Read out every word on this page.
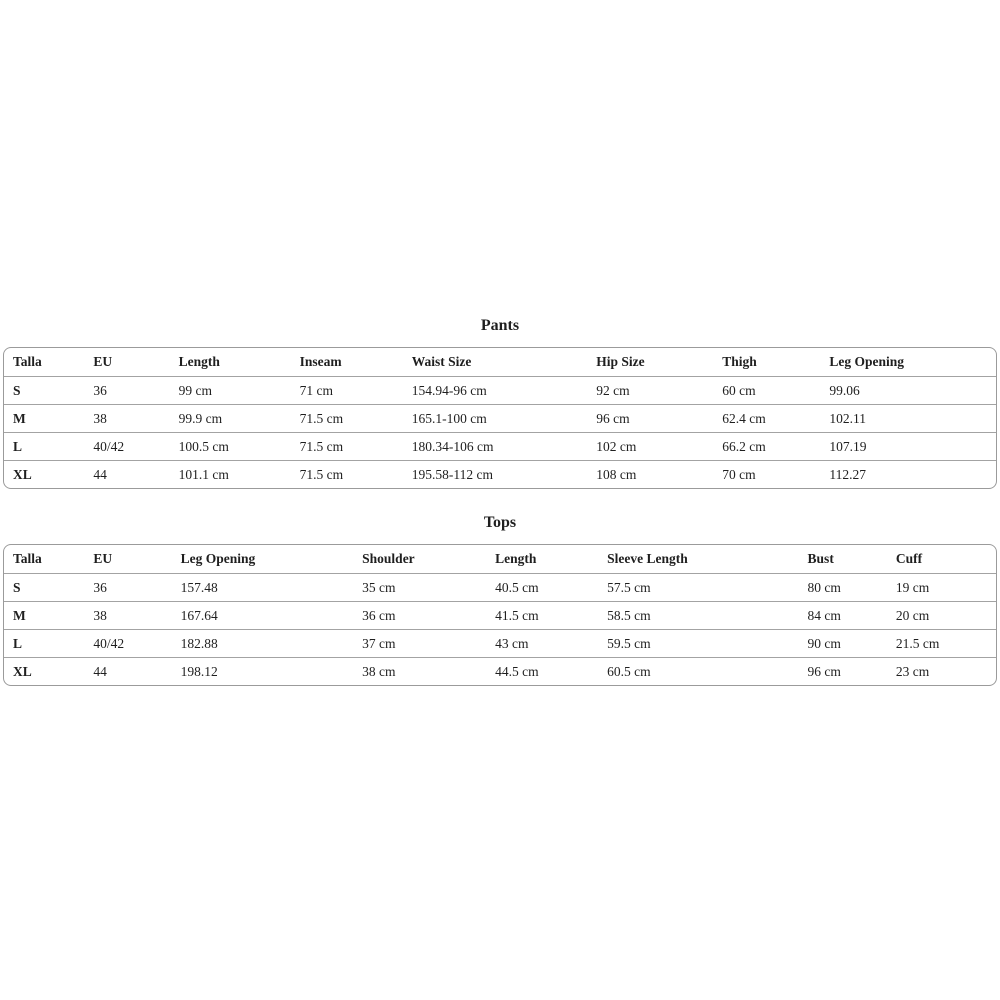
Pants
Talla	EU	Length	Inseam	Waist Size	Hip Size	Thigh	Leg Opening
S	36	99 cm	71 cm	154.94-96 cm	92 cm	60 cm	99.06
M	38	99.9 cm	71.5 cm	165.1-100 cm	96 cm	62.4 cm	102.11
L	40/42	100.5 cm	71.5 cm	180.34-106 cm	102 cm	66.2 cm	107.19
XL	44	101.1 cm	71.5 cm	195.58-112 cm	108 cm	70 cm	112.27
Tops
Talla	EU	Leg Opening	Shoulder	Length	Sleeve Length	Bust	Cuff
S	36	157.48	35 cm	40.5 cm	57.5 cm	80 cm	19 cm
M	38	167.64	36 cm	41.5 cm	58.5 cm	84 cm	20 cm
L	40/42	182.88	37 cm	43 cm	59.5 cm	90 cm	21.5 cm
XL	44	198.12	38 cm	44.5 cm	60.5 cm	96 cm	23 cm
